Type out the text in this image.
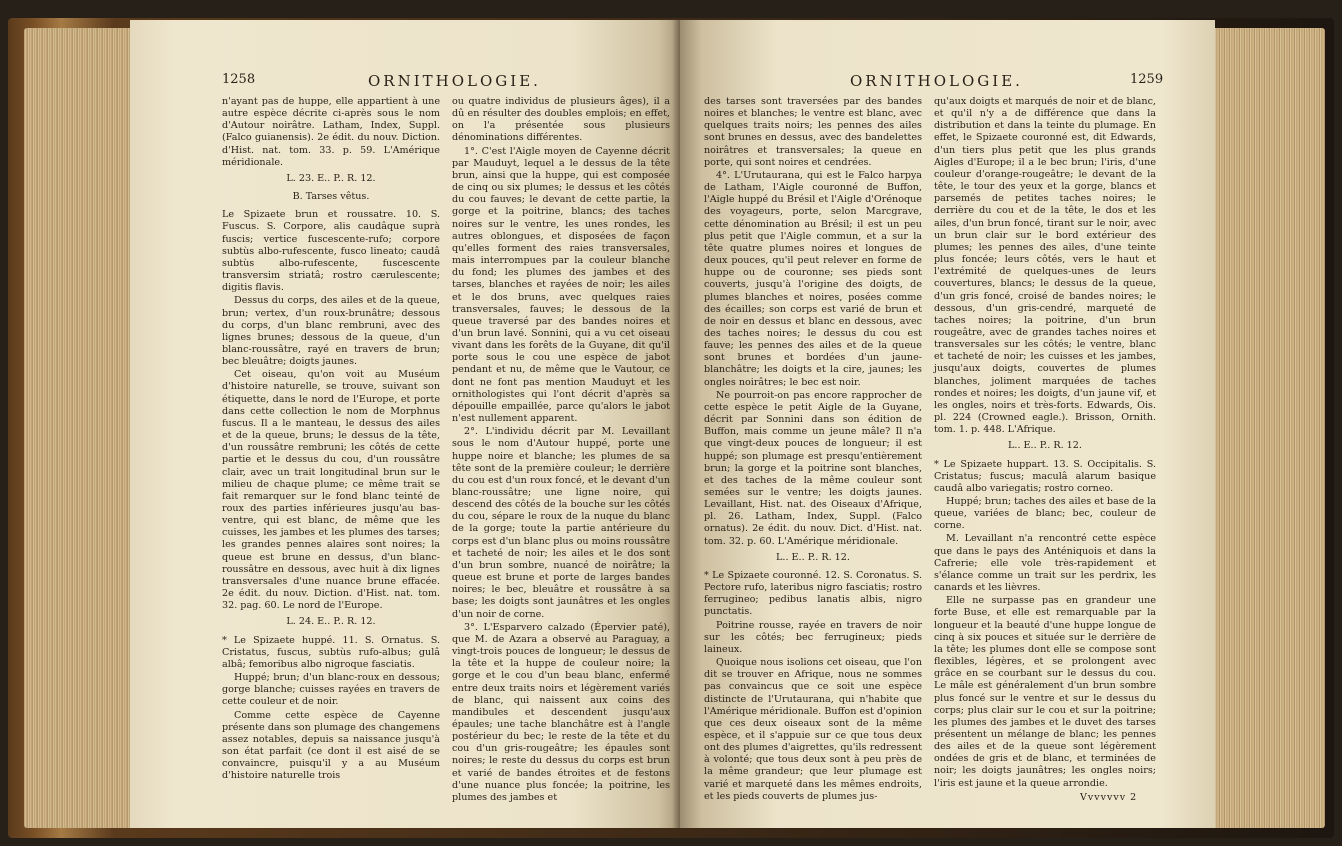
1258	ORNITHOLOGIE.

n'ayant pas de huppe, elle appartient à une autre espèce décrite ci-après sous le nom d'Autour noirâtre. Latham, Index, Suppl. (Falco guianensis). 2e édit. du nouv. Diction. d'Hist. nat. tom. 33. p. 59. L'Amérique méridionale.

L. 23. E.. P.. R. 12.

B. Tarses vêtus.

Le Spizaete brun et roussatre. 10. S. Fuscus. S. Corpore, alis caudâque suprà fuscis; vertice fuscescente-rufo; corpore subtùs albo-rufescente, fusco lineato; caudâ subtùs albo-rufescente, fuscescente transversim striatâ; rostro cærulescente; digitis flavis.

Dessus du corps, des ailes et de la queue, brun; vertex, d'un roux-brunâtre; dessous du corps, d'un blanc rembruni, avec des lignes brunes; dessous de la queue, d'un blanc-roussâtre, rayé en travers de brun; bec bleuâtre; doigts jaunes.

Cet oiseau, qu'on voit au Muséum d'histoire naturelle, se trouve, suivant son étiquette, dans le nord de l'Europe, et porte dans cette collection le nom de Morphnus fuscus. Il a le manteau, le dessus des ailes et de la queue, bruns; le dessus de la tête, d'un roussâtre rembruni; les côtés de cette partie et le dessus du cou, d'un roussâtre clair, avec un trait longitudinal brun sur le milieu de chaque plume; ce même trait se fait remarquer sur le fond blanc teinté de roux des parties inférieures jusqu'au bas-ventre, qui est blanc, de même que les cuisses, les jambes et les plumes des tarses; les grandes pennes alaires sont noires; la queue est brune en dessus, d'un blanc-roussâtre en dessous, avec huit à dix lignes transversales d'une nuance brune effacée. 2e édit. du nouv. Diction. d'Hist. nat. tom. 32. pag. 60. Le nord de l'Europe.

L. 24. E.. P.. R. 12.

* Le Spizaete huppé. 11. S. Ornatus. S. Cristatus, fuscus, subtùs rufo-albus; gulâ albâ; femoribus albo nigroque fasciatis.

Huppé; brun; d'un blanc-roux en dessous; gorge blanche; cuisses rayées en travers de cette couleur et de noir.

Comme cette espèce de Cayenne présente dans son plumage des changemens assez notables, depuis sa naissance jusqu'à son état parfait (ce dont il est aisé de se convaincre, puisqu'il y a au Muséum d'histoire naturelle trois

ou quatre individus de plusieurs âges), il a dû en résulter des doubles emplois; en effet, on l'a présentée sous plusieurs dénominations différentes.

1°. C'est l'Aigle moyen de Cayenne décrit par Mauduyt, lequel a le dessus de la tête brun, ainsi que la huppe, qui est composée de cinq ou six plumes; le dessus et les côtés du cou fauves; le devant de cette partie, la gorge et la poitrine, blancs; des taches noires sur le ventre, les unes rondes, les autres oblongues, et disposées de façon qu'elles forment des raies transversales, mais interrompues par la couleur blanche du fond; les plumes des jambes et des tarses, blanches et rayées de noir; les ailes et le dos bruns, avec quelques raies transversales, fauves; le dessous de la queue traversé par des bandes noires et d'un brun lavé. Sonnini, qui a vu cet oiseau vivant dans les forêts de la Guyane, dit qu'il porte sous le cou une espèce de jabot pendant et nu, de même que le Vautour, ce dont ne font pas mention Mauduyt et les ornithologistes qui l'ont décrit d'après sa dépouille empaillée, parce qu'alors le jabot n'est nullement apparent.

2°. L'individu décrit par M. Levaillant sous le nom d'Autour huppé, porte une huppe noire et blanche; les plumes de sa tête sont de la première couleur; le derrière du cou est d'un roux foncé, et le devant d'un blanc-roussâtre; une ligne noire, qui descend des côtés de la bouche sur les côtés du cou, sépare le roux de la nuque du blanc de la gorge; toute la partie antérieure du corps est d'un blanc plus ou moins roussâtre et tacheté de noir; les ailes et le dos sont d'un brun sombre, nuancé de noirâtre; la queue est brune et porte de larges bandes noires; le bec, bleuâtre et roussâtre à sa base; les doigts sont jaunâtres et les ongles d'un noir de corne.

3°. L'Esparvero calzado (Épervier paté), que M. de Azara a observé au Paraguay, a vingt-trois pouces de longueur; le dessus de la tête et la huppe de couleur noire; la gorge et le cou d'un beau blanc, enfermé entre deux traits noirs et légèrement variés de blanc, qui naissent aux coins des mandibules et descendent jusqu'aux épaules; une tache blanchâtre est à l'angle postérieur du bec; le reste de la tête et du cou d'un gris-rougeâtre; les épaules sont noires; le reste du dessus du corps est brun et varié de bandes étroites et de festons d'une nuance plus foncée; la poitrine, les plumes des jambes et

ORNITHOLOGIE.	1259

des tarses sont traversées par des bandes noires et blanches; le ventre est blanc, avec quelques traits noirs; les pennes des ailes sont brunes en dessus, avec des bandelettes noirâtres et transversales; la queue en porte, qui sont noires et cendrées.

4°. L'Urutaurana, qui est le Falco harpya de Latham, l'Aigle couronné de Buffon, l'Aigle huppé du Brésil et l'Aigle d'Orénoque des voyageurs, porte, selon Marcgrave, cette dénomination au Brésil; il est un peu plus petit que l'Aigle commun, et a sur la tête quatre plumes noires et longues de deux pouces, qu'il peut relever en forme de huppe ou de couronne; ses pieds sont couverts, jusqu'à l'origine des doigts, de plumes blanches et noires, posées comme des écailles; son corps est varié de brun et de noir en dessus et blanc en dessous, avec des taches noires; le dessus du cou est fauve; les pennes des ailes et de la queue sont brunes et bordées d'un jaune-blanchâtre; les doigts et la cire, jaunes; les ongles noirâtres; le bec est noir.

Ne pourroit-on pas encore rapprocher de cette espèce le petit Aigle de la Guyane, décrit par Sonnini dans son édition de Buffon, mais comme un jeune mâle? Il n'a que vingt-deux pouces de longueur; il est huppé; son plumage est presqu'entièrement brun; la gorge et la poitrine sont blanches, et des taches de la même couleur sont semées sur le ventre; les doigts jaunes. Levaillant, Hist. nat. des Oiseaux d'Afrique, pl. 26. Latham, Index, Suppl. (Falco ornatus). 2e édit. du nouv. Dict. d'Hist. nat. tom. 32. p. 60. L'Amérique méridionale.

L.. E.. P.. R. 12.

* Le Spizaete couronné. 12. S. Coronatus. S. Pectore rufo, lateribus nigro fasciatis; rostro ferrugineo; pedibus lanatis albis, nigro punctatis.

Poitrine rousse, rayée en travers de noir sur les côtés; bec ferrugineux; pieds laineux.

Quoique nous isolions cet oiseau, que l'on dit se trouver en Afrique, nous ne sommes pas convaincus que ce soit une espèce distincte de l'Urutaurana, qui n'habite que l'Amérique méridionale. Buffon est d'opinion que ces deux oiseaux sont de la même espèce, et il s'appuie sur ce que tous deux ont des plumes d'aigrettes, qu'ils redressent à volonté; que tous deux sont à peu près de la même grandeur; que leur plumage est varié et marqueté dans les mêmes endroits, et les pieds couverts de plumes jus-

qu'aux doigts et marqués de noir et de blanc, et qu'il n'y a de différence que dans la distribution et dans la teinte du plumage. En effet, le Spizaete couronné est, dit Edwards, d'un tiers plus petit que les plus grands Aigles d'Europe; il a le bec brun; l'iris, d'une couleur d'orange-rougeâtre; le devant de la tête, le tour des yeux et la gorge, blancs et parsemés de petites taches noires; le derrière du cou et de la tête, le dos et les ailes, d'un brun foncé, tirant sur le noir, avec un brun clair sur le bord extérieur des plumes; les pennes des ailes, d'une teinte plus foncée; leurs côtés, vers le haut et l'extrémité de quelques-unes de leurs couvertures, blancs; le dessus de la queue, d'un gris foncé, croisé de bandes noires; le dessous, d'un gris-cendré, marqueté de taches noires; la poitrine, d'un brun rougeâtre, avec de grandes taches noires et transversales sur les côtés; le ventre, blanc et tacheté de noir; les cuisses et les jambes, jusqu'aux doigts, couvertes de plumes blanches, joliment marquées de taches rondes et noires; les doigts, d'un jaune vif, et les ongles, noirs et très-forts. Edwards, Ois. pl. 224 (Crowned eagle.). Brisson, Ornith. tom. 1. p. 448. L'Afrique.

L.. E.. P.. R. 12.

* Le Spizaete huppart. 13. S. Occipitalis. S. Cristatus; fuscus; maculâ alarum basique caudâ albo variegatis; rostro corneo.

Huppé; brun; taches des ailes et base de la queue, variées de blanc; bec, couleur de corne.

M. Levaillant n'a rencontré cette espèce que dans le pays des Anténiquois et dans la Cafrerie; elle vole très-rapidement et s'élance comme un trait sur les perdrix, les canards et les lièvres.

Elle ne surpasse pas en grandeur une forte Buse, et elle est remarquable par la longueur et la beauté d'une huppe longue de cinq à six pouces et située sur le derrière de la tête; les plumes dont elle se compose sont flexibles, légères, et se prolongent avec grâce en se courbant sur le dessus du cou. Le mâle est généralement d'un brun sombre plus foncé sur le ventre et sur le dessus du corps; plus clair sur le cou et sur la poitrine; les plumes des jambes et le duvet des tarses présentent un mélange de blanc; les pennes des ailes et de la queue sont légèrement ondées de gris et de blanc, et terminées de noir; les doigts jaunâtres; les ongles noirs; l'iris est jaune et la queue arrondie.

Vvvvvvv 2
